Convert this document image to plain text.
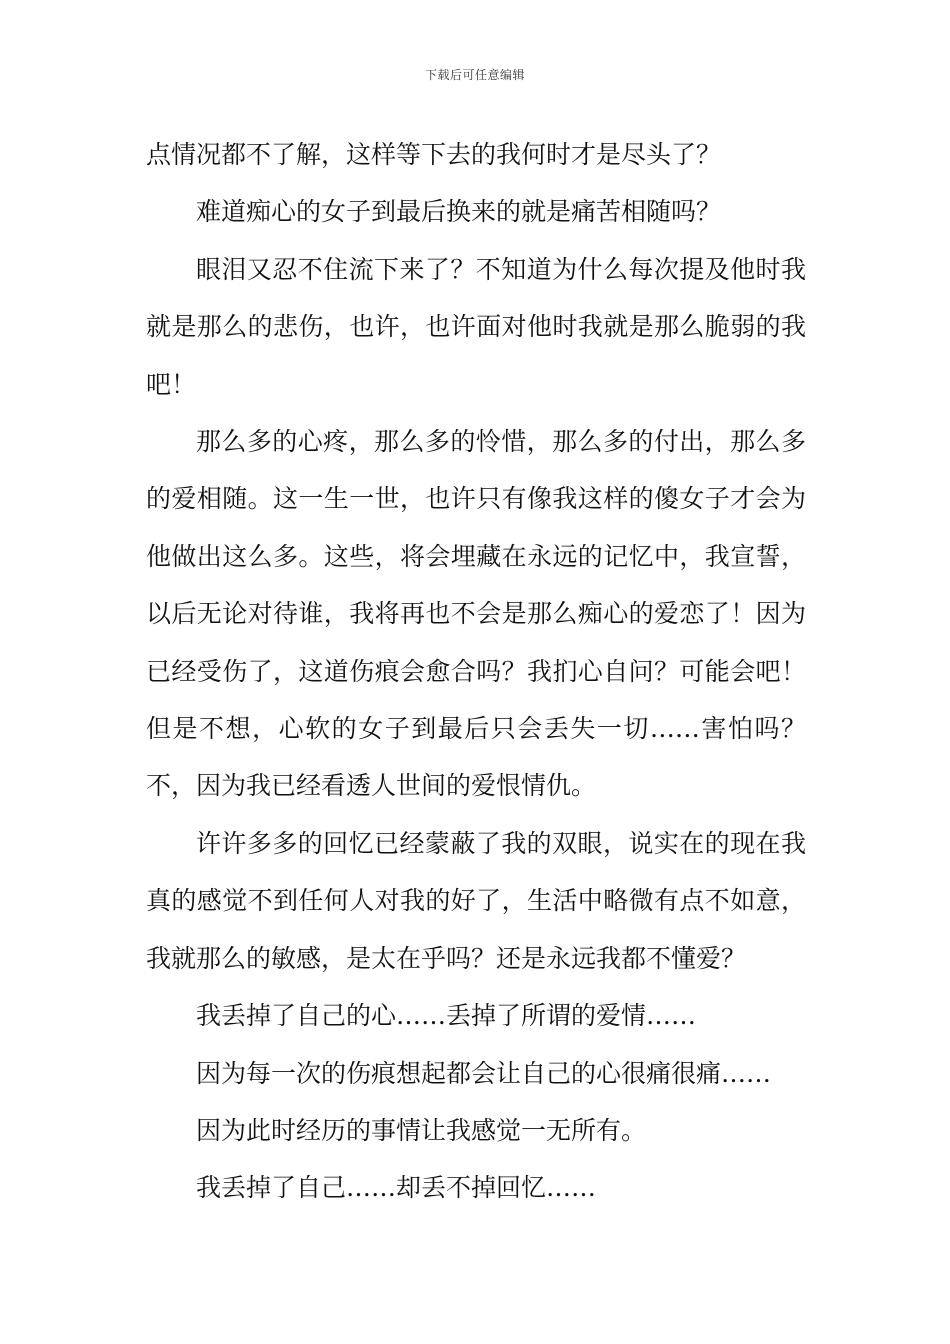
下载后可任意编辑

点情况都不了解，这样等下去的我何时才是尽头了？

难道痴心的女子到最后换来的就是痛苦相随吗？

眼泪又忍不住流下来了？不知道为什么每次提及他时我就是那么的悲伤，也许，也许面对他时我就是那么脆弱的我吧！

那么多的心疼，那么多的怜惜，那么多的付出，那么多的爱相随。这一生一世，也许只有像我这样的傻女子才会为他做出这么多。这些，将会埋藏在永远的记忆中，我宣誓，以后无论对待谁，我将再也不会是那么痴心的爱恋了！因为已经受伤了，这道伤痕会愈合吗？我扪心自问？可能会吧！但是不想，心软的女子到最后只会丢失一切……害怕吗？不，因为我已经看透人世间的爱恨情仇。

许许多多的回忆已经蒙蔽了我的双眼，说实在的现在我真的感觉不到任何人对我的好了，生活中略微有点不如意，我就那么的敏感，是太在乎吗？还是永远我都不懂爱？

我丢掉了自己的心……丢掉了所谓的爱情……

因为每一次的伤痕想起都会让自己的心很痛很痛……

因为此时经历的事情让我感觉一无所有。

我丢掉了自己……却丢不掉回忆……
